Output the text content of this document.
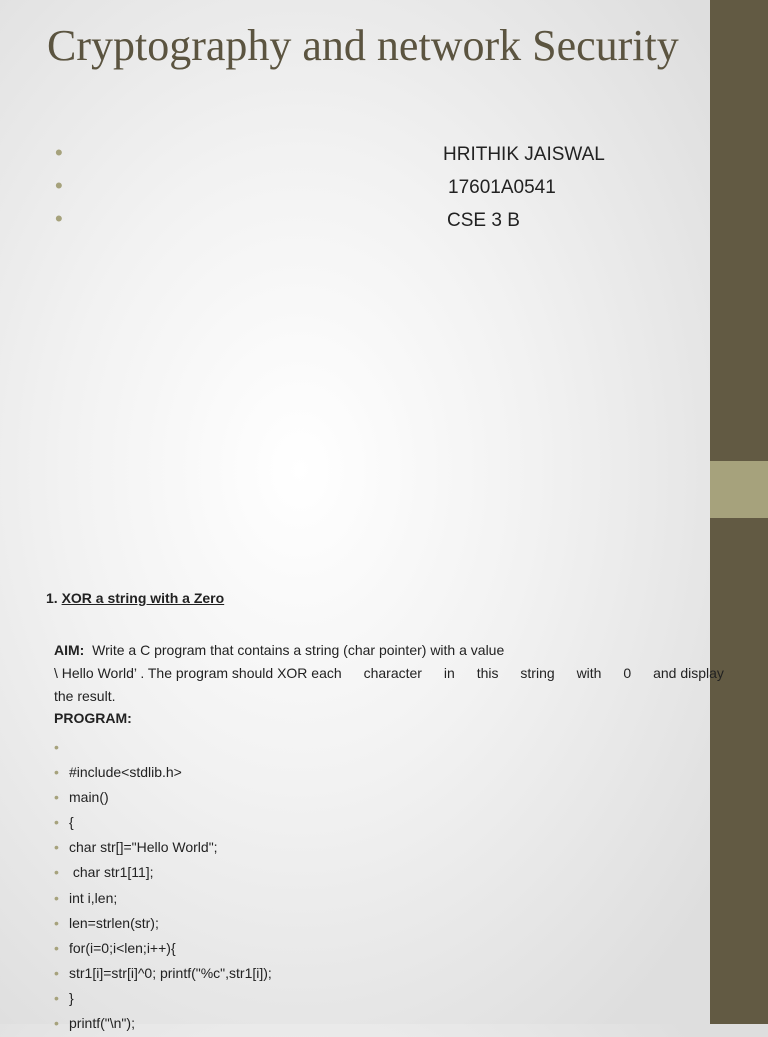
Cryptography and network Security
•	HRITHIK JAISWAL
•	17601A0541
•	CSE 3 B
1. XOR a string with a Zero
AIM: Write a C program that contains a string (char pointer) with a value
\ Hello World’ . The program should XOR each character in this string with 0 and display
the result.
PROGRAM:
•
• #include<stdlib.h>
• main()
• {
• char str[]="Hello World";
• char str1[11];
• int i,len;
• len=strlen(str);
• for(i=0;i<len;i++){
• str1[i]=str[i]^0; printf("%c",str1[i]);
• }
• printf("\n");
